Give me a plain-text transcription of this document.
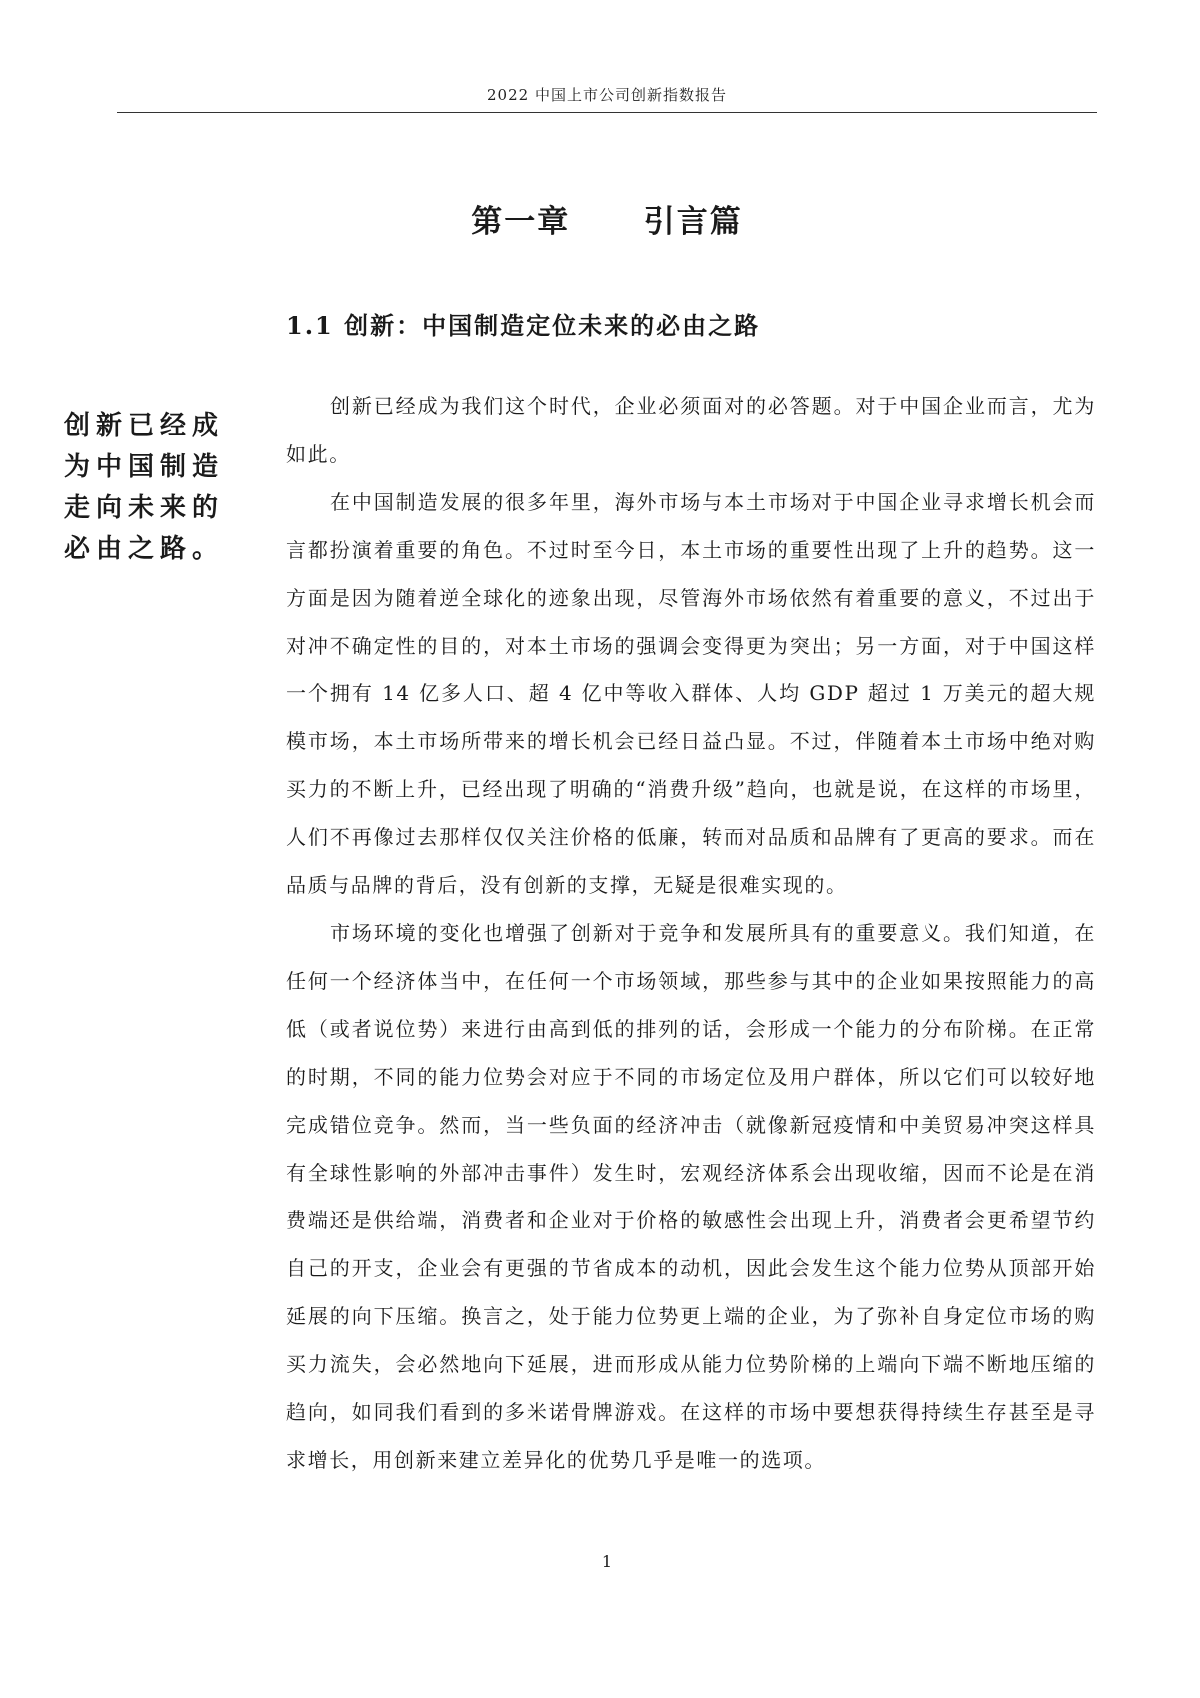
2022 中国上市公司创新指数报告
第一章  引言篇
1.1 创新：中国制造定位未来的必由之路
创新已经成为中国制造走向未来的必由之路。

创新已经成为我们这个时代，企业必须面对的必答题。对于中国企业而言，尤为如此。

在中国制造发展的很多年里，海外市场与本土市场对于中国企业寻求增长机会而言都扮演着重要的角色。不过时至今日，本土市场的重要性出现了上升的趋势。这一方面是因为随着逆全球化的迹象出现，尽管海外市场依然有着重要的意义，不过出于对冲不确定性的目的，对本土市场的强调会变得更为突出；另一方面，对于中国这样一个拥有 14 亿多人口、超 4 亿中等收入群体、人均 GDP 超过 1 万美元的超大规模市场，本土市场所带来的增长机会已经日益凸显。不过，伴随着本土市场中绝对购买力的不断上升，已经出现了明确的“消费升级”趋向，也就是说，在这样的市场里，人们不再像过去那样仅仅关注价格的低廉，转而对品质和品牌有了更高的要求。而在品质与品牌的背后，没有创新的支撑，无疑是很难实现的。

市场环境的变化也增强了创新对于竞争和发展所具有的重要意义。我们知道，在任何一个经济体当中，在任何一个市场领域，那些参与其中的企业如果按照能力的高低（或者说位势）来进行由高到低的排列的话，会形成一个能力的分布阶梯。在正常的时期，不同的能力位势会对应于不同的市场定位及用户群体，所以它们可以较好地完成错位竞争。然而，当一些负面的经济冲击（就像新冠疫情和中美贸易冲突这样具有全球性影响的外部冲击事件）发生时，宏观经济体系会出现收缩，因而不论是在消费端还是供给端，消费者和企业对于价格的敏感性会出现上升，消费者会更希望节约自己的开支，企业会有更强的节省成本的动机，因此会发生这个能力位势从顶部开始延展的向下压缩。换言之，处于能力位势更上端的企业，为了弥补自身定位市场的购买力流失，会必然地向下延展，进而形成从能力位势阶梯的上端向下端不断地压缩的趋向，如同我们看到的多米诺骨牌游戏。在这样的市场中要想获得持续生存甚至是寻求增长，用创新来建立差异化的优势几乎是唯一的选项。

1
